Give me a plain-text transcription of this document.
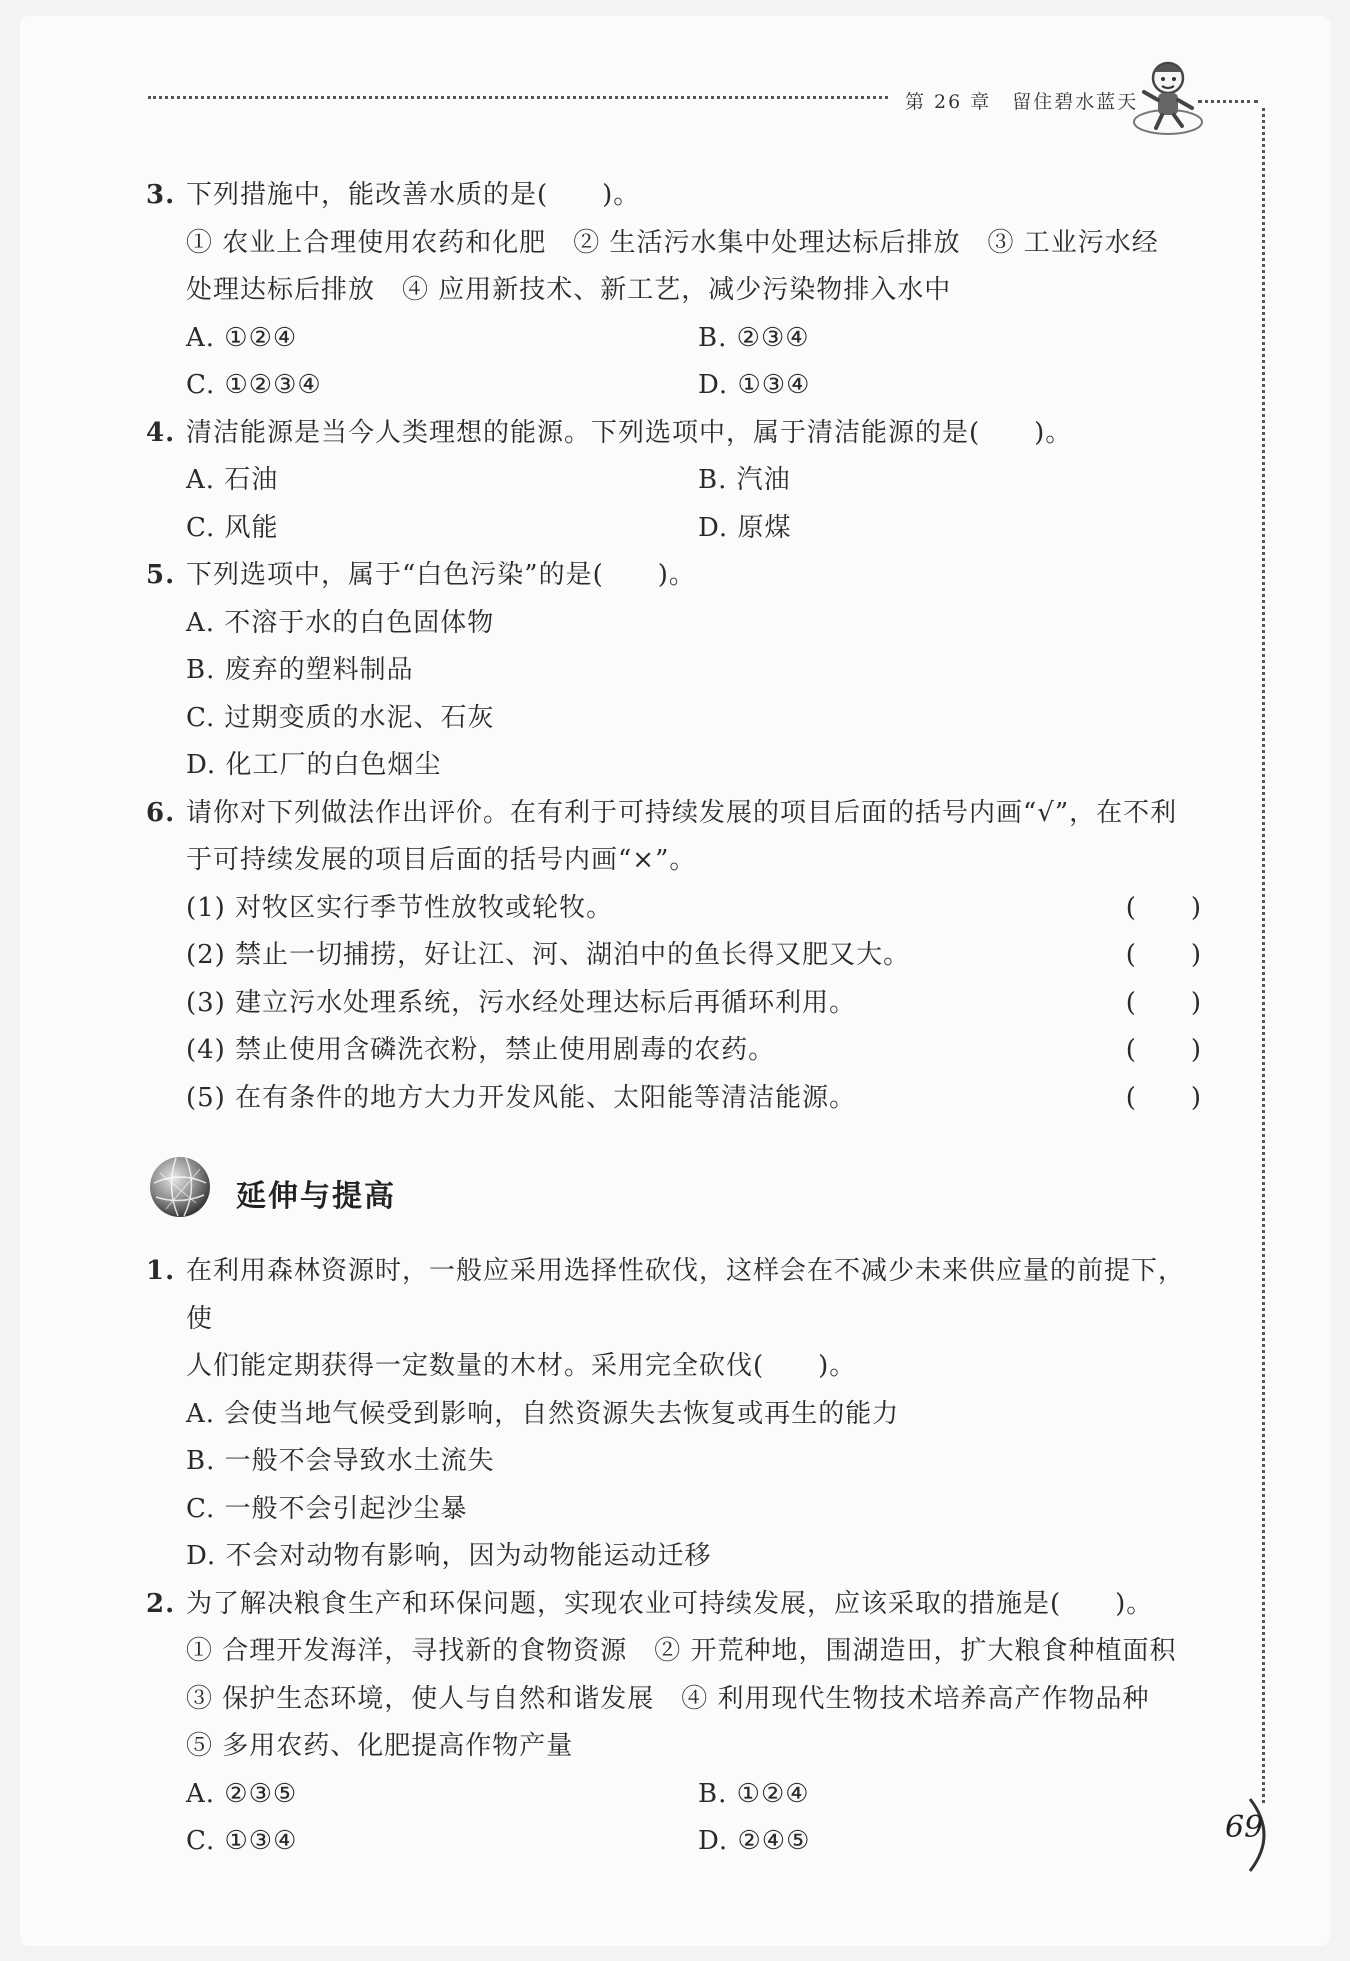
第 26 章　留住碧水蓝天
3. 下列措施中，能改善水质的是(　　)。
① 农业上合理使用农药和化肥　② 生活污水集中处理达标后排放　③ 工业污水经
处理达标后排放　④ 应用新技术、新工艺，减少污染物排入水中
A. ①②④	B. ②③④
C. ①②③④	D. ①③④
4. 清洁能源是当今人类理想的能源。下列选项中，属于清洁能源的是(　　)。
A. 石油	B. 汽油
C. 风能	D. 原煤
5. 下列选项中，属于“白色污染”的是(　　)。
A. 不溶于水的白色固体物
B. 废弃的塑料制品
C. 过期变质的水泥、石灰
D. 化工厂的白色烟尘
6. 请你对下列做法作出评价。在有利于可持续发展的项目后面的括号内画“√”，在不利
于可持续发展的项目后面的括号内画“×”。
(1) 对牧区实行季节性放牧或轮牧。	(　　)
(2) 禁止一切捕捞，好让江、河、湖泊中的鱼长得又肥又大。	(　　)
(3) 建立污水处理系统，污水经处理达标后再循环利用。	(　　)
(4) 禁止使用含磷洗衣粉，禁止使用剧毒的农药。	(　　)
(5) 在有条件的地方大力开发风能、太阳能等清洁能源。	(　　)
延伸与提高
1. 在利用森林资源时，一般应采用选择性砍伐，这样会在不减少未来供应量的前提下，使
人们能定期获得一定数量的木材。采用完全砍伐(　　)。
A. 会使当地气候受到影响，自然资源失去恢复或再生的能力
B. 一般不会导致水土流失
C. 一般不会引起沙尘暴
D. 不会对动物有影响，因为动物能运动迁移
2. 为了解决粮食生产和环保问题，实现农业可持续发展，应该采取的措施是(　　)。
① 合理开发海洋，寻找新的食物资源　② 开荒种地，围湖造田，扩大粮食种植面积
③ 保护生态环境，使人与自然和谐发展　④ 利用现代生物技术培养高产作物品种
⑤ 多用农药、化肥提高作物产量
A. ②③⑤	B. ①②④
C. ①③④	D. ②④⑤	69
